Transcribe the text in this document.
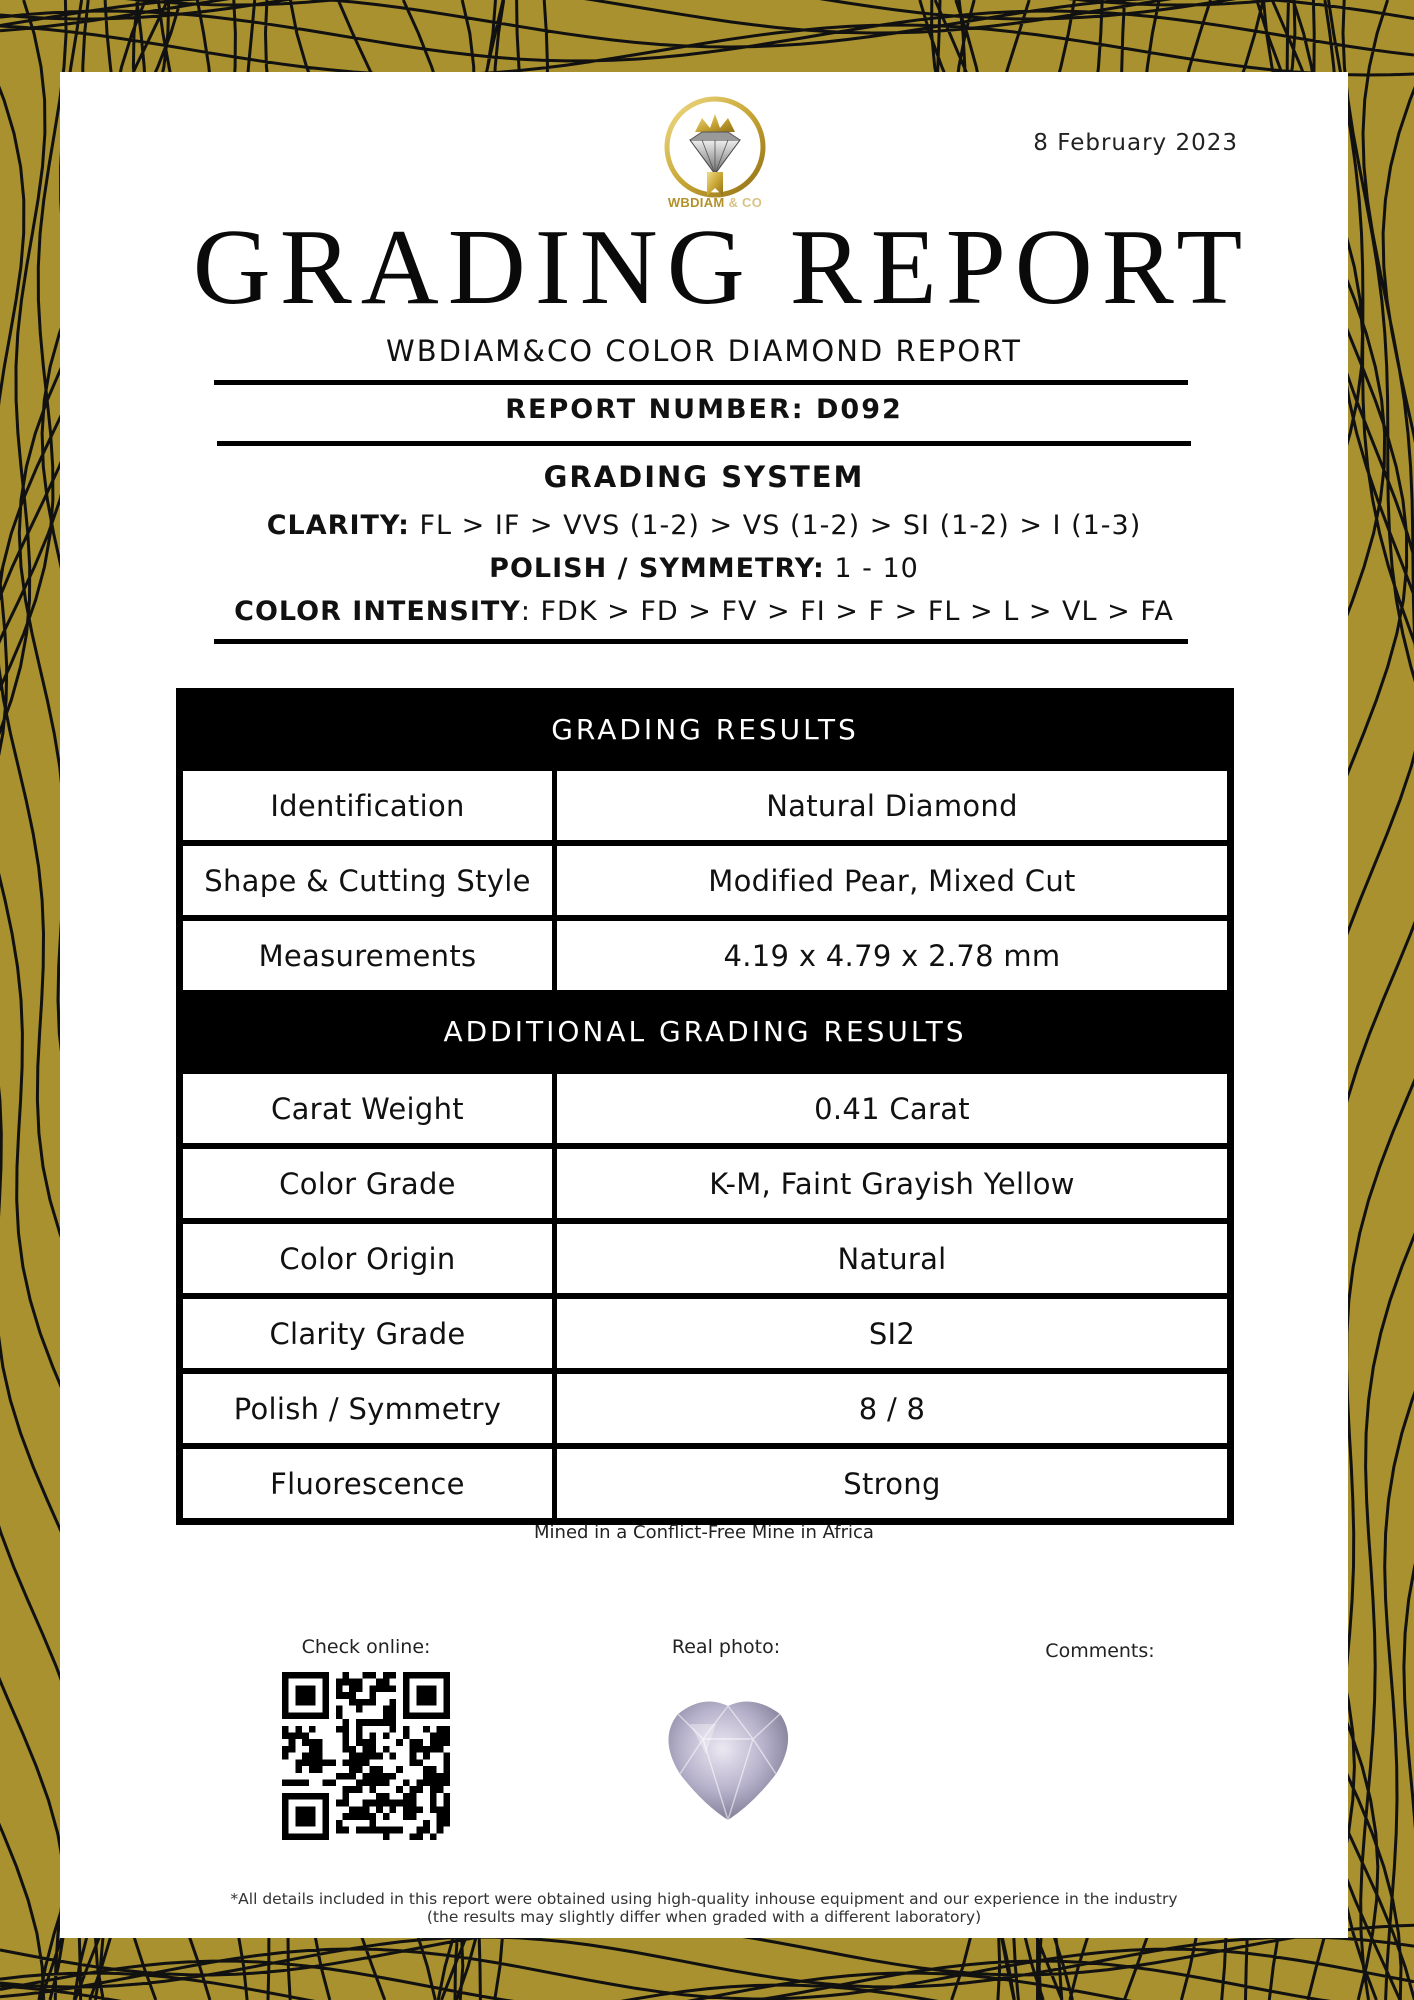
WBDIAM & CO
8 February 2023
GRADING REPORT
WBDIAM&CO COLOR DIAMOND REPORT
REPORT NUMBER: D092
GRADING SYSTEM
CLARITY: FL > IF > VVS (1-2) > VS (1-2) > SI (1-2) > I (1-3)
POLISH / SYMMETRY: 1 - 10
COLOR INTENSITY: FDK > FD > FV > FI > F > FL > L > VL > FA
GRADING RESULTS
Identification	Natural Diamond
Shape & Cutting Style	Modified Pear, Mixed Cut
Measurements	4.19 x 4.79 x 2.78 mm
ADDITIONAL GRADING RESULTS
Carat Weight	0.41 Carat
Color Grade	K-M, Faint Grayish Yellow
Color Origin	Natural
Clarity Grade	SI2
Polish / Symmetry	8 / 8
Fluorescence	Strong
Mined in a Conflict-Free Mine in Africa
Check online:	Real photo:	Comments:
*All details included in this report were obtained using high-quality inhouse equipment and our experience in the industry
(the results may slightly differ when graded with a different laboratory)
